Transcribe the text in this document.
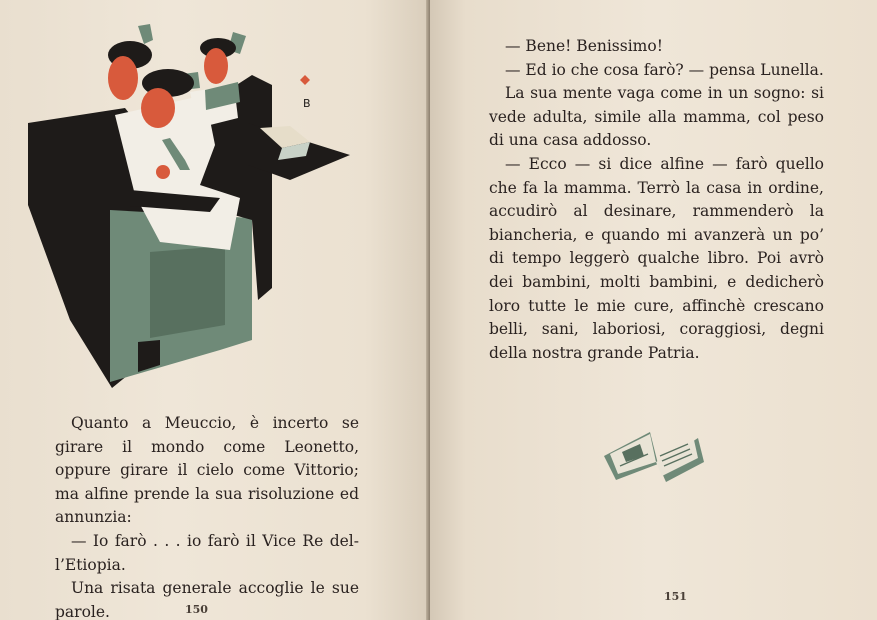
B

Quanto a Meuccio, è incerto se girare il mondo come Leonetto, oppure girare il cielo come Vittorio; ma alfine prende la sua risoluzione ed annunzia:

— Io farò . . . io farò il Vice Re del-l’Etiopia.

Una risata generale accoglie le sue parole.	150

— Bene! Benissimo!

— Ed io che cosa farò? — pensa Lunella.

La sua mente vaga come in un sogno: si vede adulta, simile alla mamma, col peso di una casa addosso.

— Ecco — si dice alfine — farò quello che fa la mamma. Terrò la casa in ordine, accudirò al desinare, rammenderò la biancheria, e quando mi avanzerà un po’ di tempo leggerò qualche libro. Poi avrò dei bambini, molti bambini, e dedicherò loro tutte le mie cure, affinchè crescano belli, sani, laboriosi, coraggiosi, degni della nostra grande Patria.

151
